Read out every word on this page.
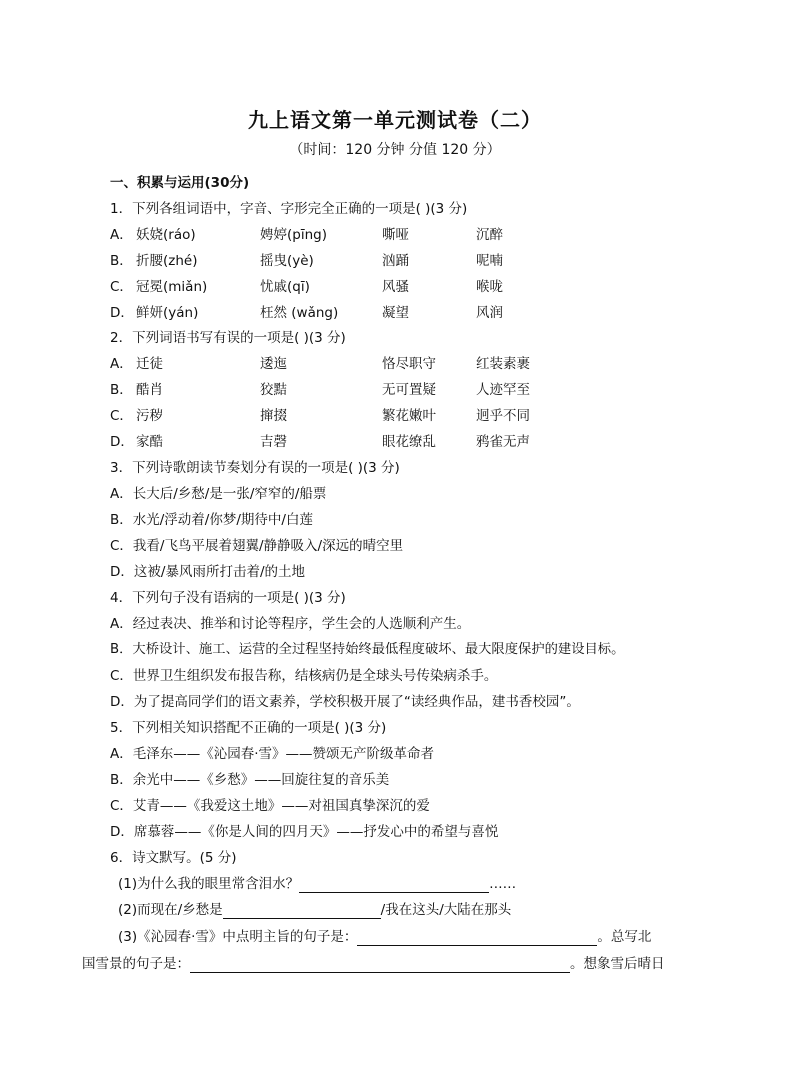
九上语文第一单元测试卷（二）
（时间：120 分钟 分值 120 分）
一、积累与运用(30分)
1．下列各组词语中，字音、字形完全正确的一项是( )(3 分)
A． 妖娆(ráo)	娉婷(pīng)	嘶哑	沉醉
B． 折腰(zhé)	摇曳(yè)	汹踊	呢喃
C． 冠冕(miǎn)	忧戚(qī)	风骚	喉咙
D． 鲜妍(yán)	枉然 (wǎng)	凝望	风润
2．下列词语书写有误的一项是( )(3 分)
A． 迁徒	逶迤	恪尽职守	红装素裹
B． 酷肖	狡黠	无可置疑	人迹罕至
C． 污秽	撺掇	繁花嫩叶	迥乎不同
D． 家酷	吉磬	眼花缭乱	鸦雀无声
3．下列诗歌朗读节奏划分有误的一项是( )(3 分)
A．长大后/乡愁/是一张/窄窄的/船票
B．水光/浮动着/你梦/期待中/白莲
C．我看/飞鸟平展着翅翼/静静吸入/深远的晴空里
D．这被/暴风雨所打击着/的土地
4．下列句子没有语病的一项是( )(3 分)
A．经过表决、推举和讨论等程序，学生会的人选顺利产生。
B．大桥设计、施工、运营的全过程坚持始终最低程度破坏、最大限度保护的建设目标。
C．世界卫生组织发布报告称，结核病仍是全球头号传染病杀手。
D．为了提高同学们的语文素养，学校积极开展了“读经典作品，建书香校园”。
5．下列相关知识搭配不正确的一项是( )(3 分)
A．毛泽东——《沁园春·雪》——赞颂无产阶级革命者
B．余光中——《乡愁》——回旋往复的音乐美
C．艾青——《我爱这土地》——对祖国真挚深沉的爱
D．席慕蓉——《你是人间的四月天》——抒发心中的希望与喜悦
6．诗文默写。(5 分)
(1)为什么我的眼里常含泪水？	……
(2)而现在/乡愁是	/我在这头/大陆在那头
(3)《沁园春·雪》中点明主旨的句子是：	。总写北
国雪景的句子是：	。想象雪后晴日
